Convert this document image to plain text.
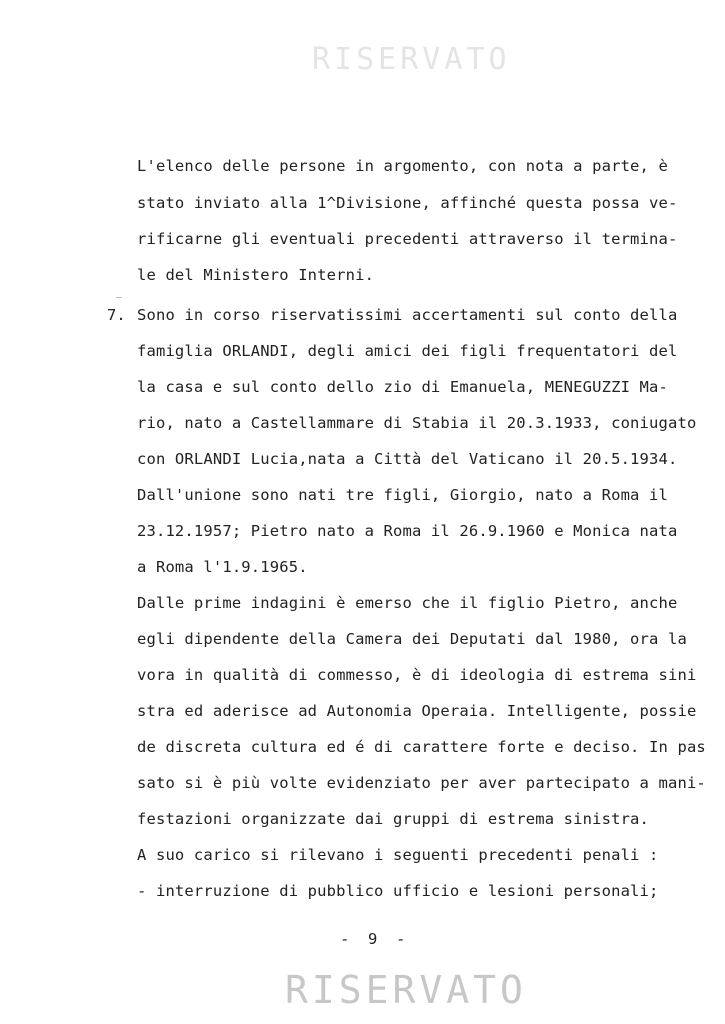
RISERVATO
L'elenco delle persone in argomento, con nota a parte, è
stato inviato alla 1^Divisione, affinché questa possa ve-
rificarne gli eventuali precedenti attraverso il termina-
le del Ministero Interni.
7. Sono in corso riservatissimi accertamenti sul conto della
famiglia ORLANDI, degli amici dei figli frequentatori del
la casa e sul conto dello zio di Emanuela, MENEGUZZI Ma-
rio, nato a Castellammare di Stabia il 20.3.1933, coniugato
con ORLANDI Lucia,nata a Città del Vaticano il 20.5.1934.
Dall'unione sono nati tre figli, Giorgio, nato a Roma il
23.12.1957; Pietro nato a Roma il 26.9.1960 e Monica nata
a Roma l'1.9.1965.
Dalle prime indagini è emerso che il figlio Pietro, anche
egli dipendente della Camera dei Deputati dal 1980, ora la
vora in qualità di commesso, è di ideologia di estrema sini
stra ed aderisce ad Autonomia Operaia. Intelligente, possie
de discreta cultura ed é di carattere forte e deciso. In pas
sato si è più volte evidenziato per aver partecipato a mani-
festazioni organizzate dai gruppi di estrema sinistra.
A suo carico si rilevano i seguenti precedenti penali :
- interruzione di pubblico ufficio e lesioni personali;
-  9  -
RISERVATO
